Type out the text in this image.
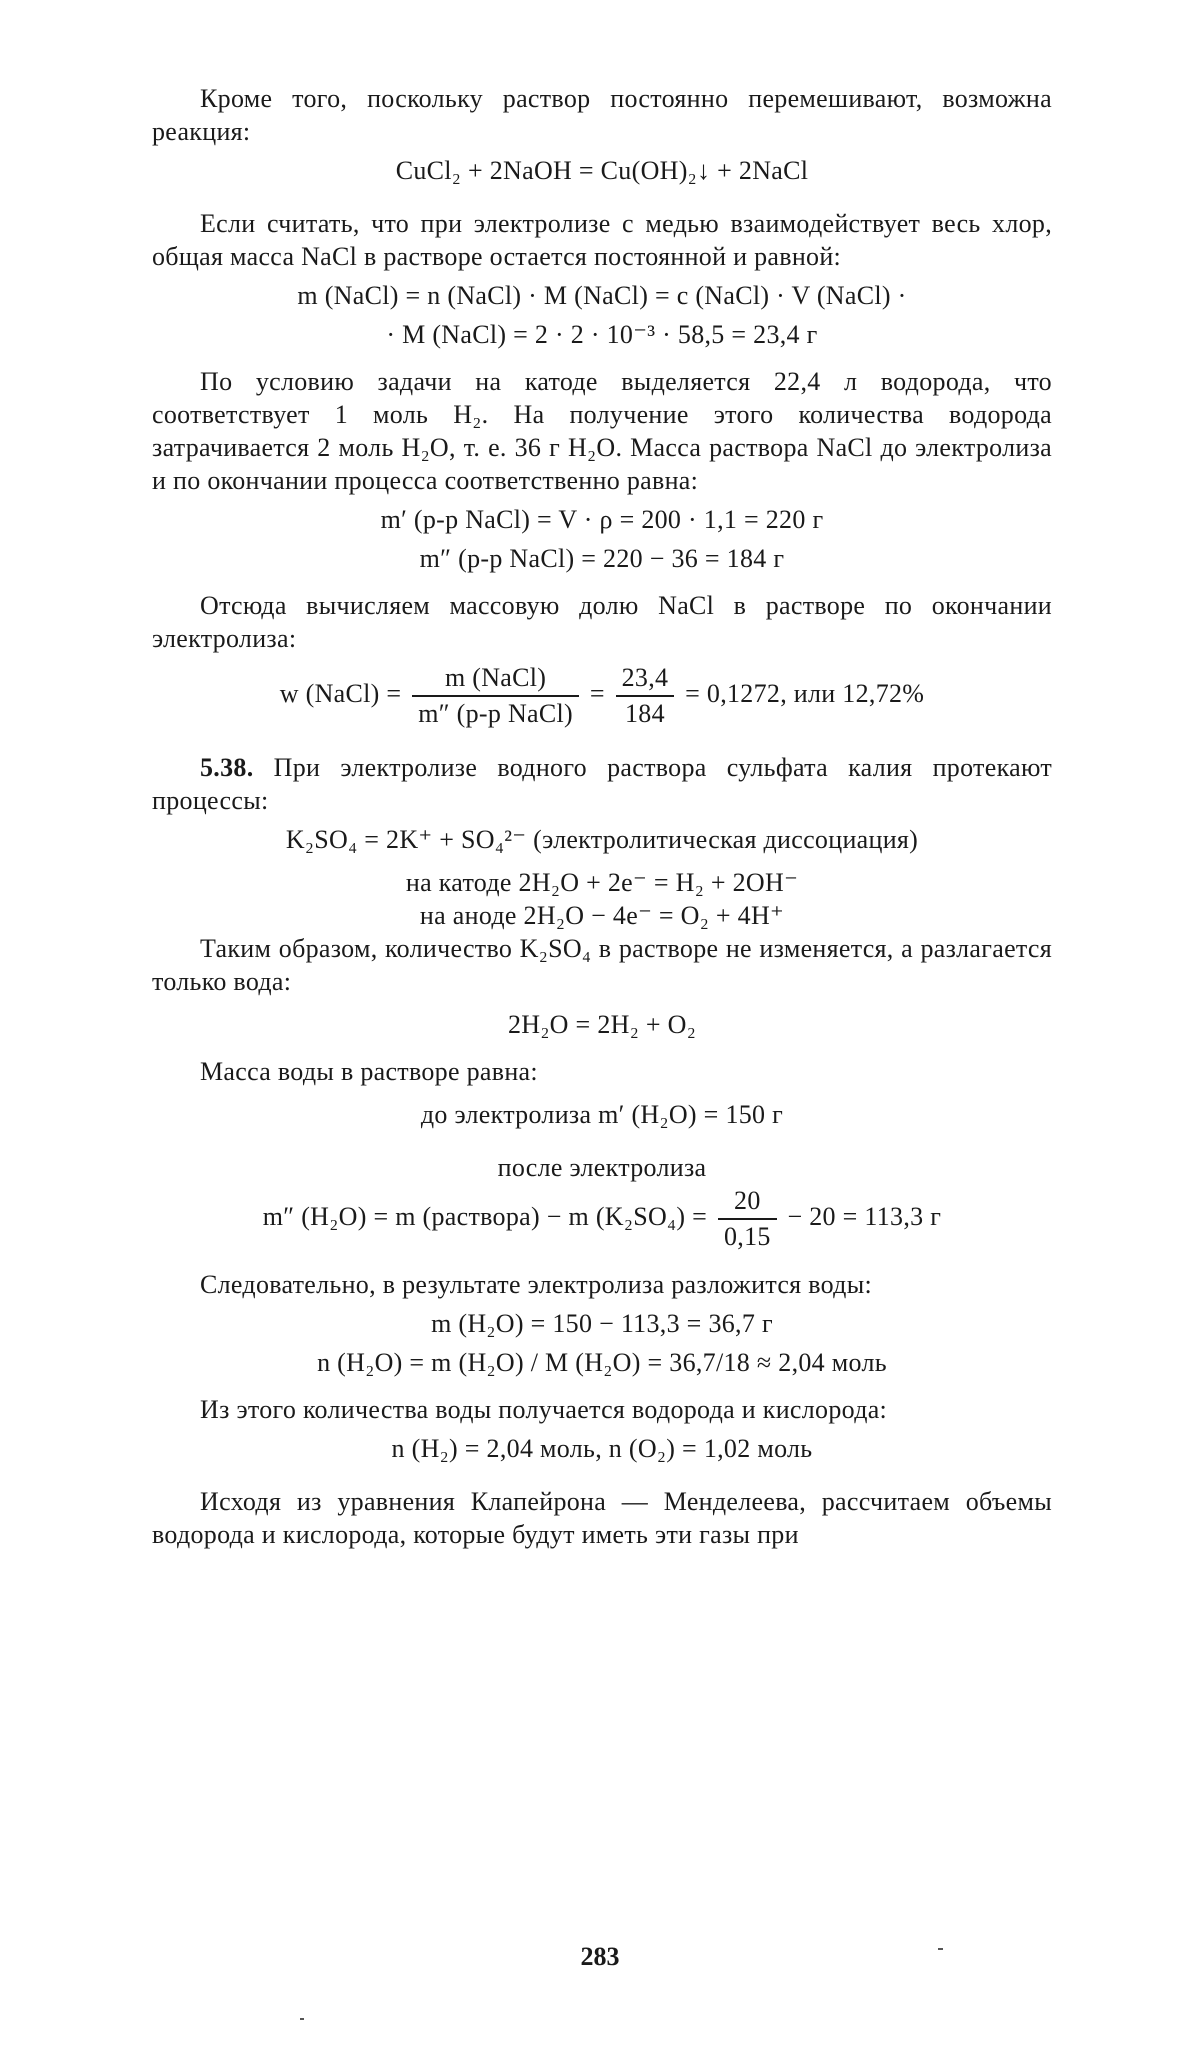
Кроме того, поскольку раствор постоянно перемешивают, возможна реакция:

CuCl₂ + 2NaOH = Cu(OH)₂↓ + 2NaCl

Если считать, что при электролизе с медью взаимодействует весь хлор, общая масса NaCl в растворе остается постоянной и равной:

m (NaCl) = n (NaCl) · M (NaCl) = c (NaCl) · V (NaCl) ·
· M (NaCl) = 2 · 2 · 10⁻³ · 58,5 = 23,4 г

По условию задачи на катоде выделяется 22,4 л водорода, что соответствует 1 моль H₂. На получение этого количества водорода затрачивается 2 моль H₂O, т. е. 36 г H₂O. Масса раствора NaCl до электролиза и по окончании процесса соответственно равна:

m′ (р-р NaCl) = V · ρ = 200 · 1,1 = 220 г
m″ (р-р NaCl) = 220 − 36 = 184 г

Отсюда вычисляем массовую долю NaCl в растворе по окончании электролиза:

w (NaCl) = $\frac{\text{m (NaCl)}}{\text{m″ (р-р NaCl)}} = \frac{23,4}{184} = 0,1272$, или 12,72%

5.38. При электролизе водного раствора сульфата калия протекают процессы:

K₂SO₄ = 2K⁺ + SO₄²⁻ (электролитическая диссоциация)
на катоде 2H₂O + 2e⁻ = H₂ + 2OH⁻
на аноде 2H₂O − 4e⁻ = O₂ + 4H⁺

Таким образом, количество K₂SO₄ в растворе не изменяется, а разлагается только вода:

2H₂O = 2H₂ + O₂

Масса воды в растворе равна:

до электролиза m′ (H₂O) = 150 г
после электролиза
m″ (H₂O) = m (раствора) − m $(K_2SO_4) = \frac{20}{0,15} - 20 = 113,3$ г

Следовательно, в результате электролиза разложится воды:

m (H₂O) = 150 − 113,3 = 36,7 г
n (H₂O) = m (H₂O) / M (H₂O) = 36,7/18 ≈ 2,04 моль

Из этого количества воды получается водорода и кислорода:

n (H₂) = 2,04 моль, n (O₂) = 1,02 моль

Исходя из уравнения Клапейрона — Менделеева, рассчитаем объемы водорода и кислорода, которые будут иметь эти газы при

283
